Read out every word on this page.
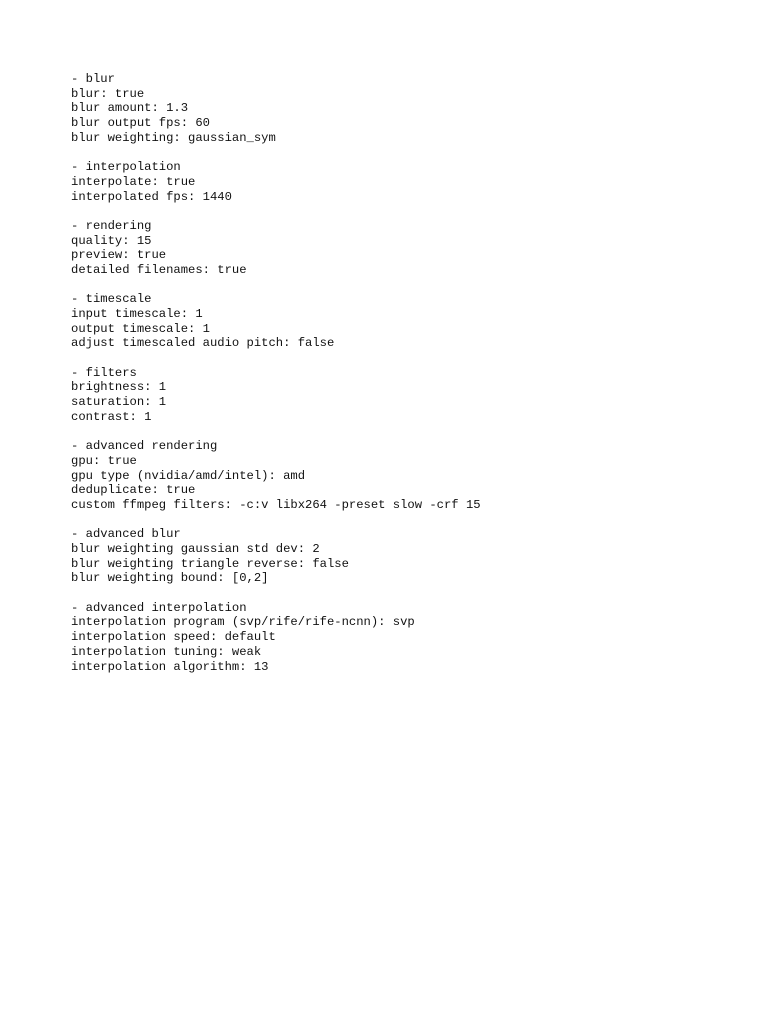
- blur
blur: true
blur amount: 1.3
blur output fps: 60
blur weighting: gaussian_sym
- interpolation
interpolate: true
interpolated fps: 1440
- rendering
quality: 15
preview: true
detailed filenames: true
- timescale
input timescale: 1
output timescale: 1
adjust timescaled audio pitch: false
- filters
brightness: 1
saturation: 1
contrast: 1
- advanced rendering
gpu: true
gpu type (nvidia/amd/intel): amd
deduplicate: true
custom ffmpeg filters: -c:v libx264 -preset slow -crf 15
- advanced blur
blur weighting gaussian std dev: 2
blur weighting triangle reverse: false
blur weighting bound: [0,2]
- advanced interpolation
interpolation program (svp/rife/rife-ncnn): svp
interpolation speed: default
interpolation tuning: weak
interpolation algorithm: 13
